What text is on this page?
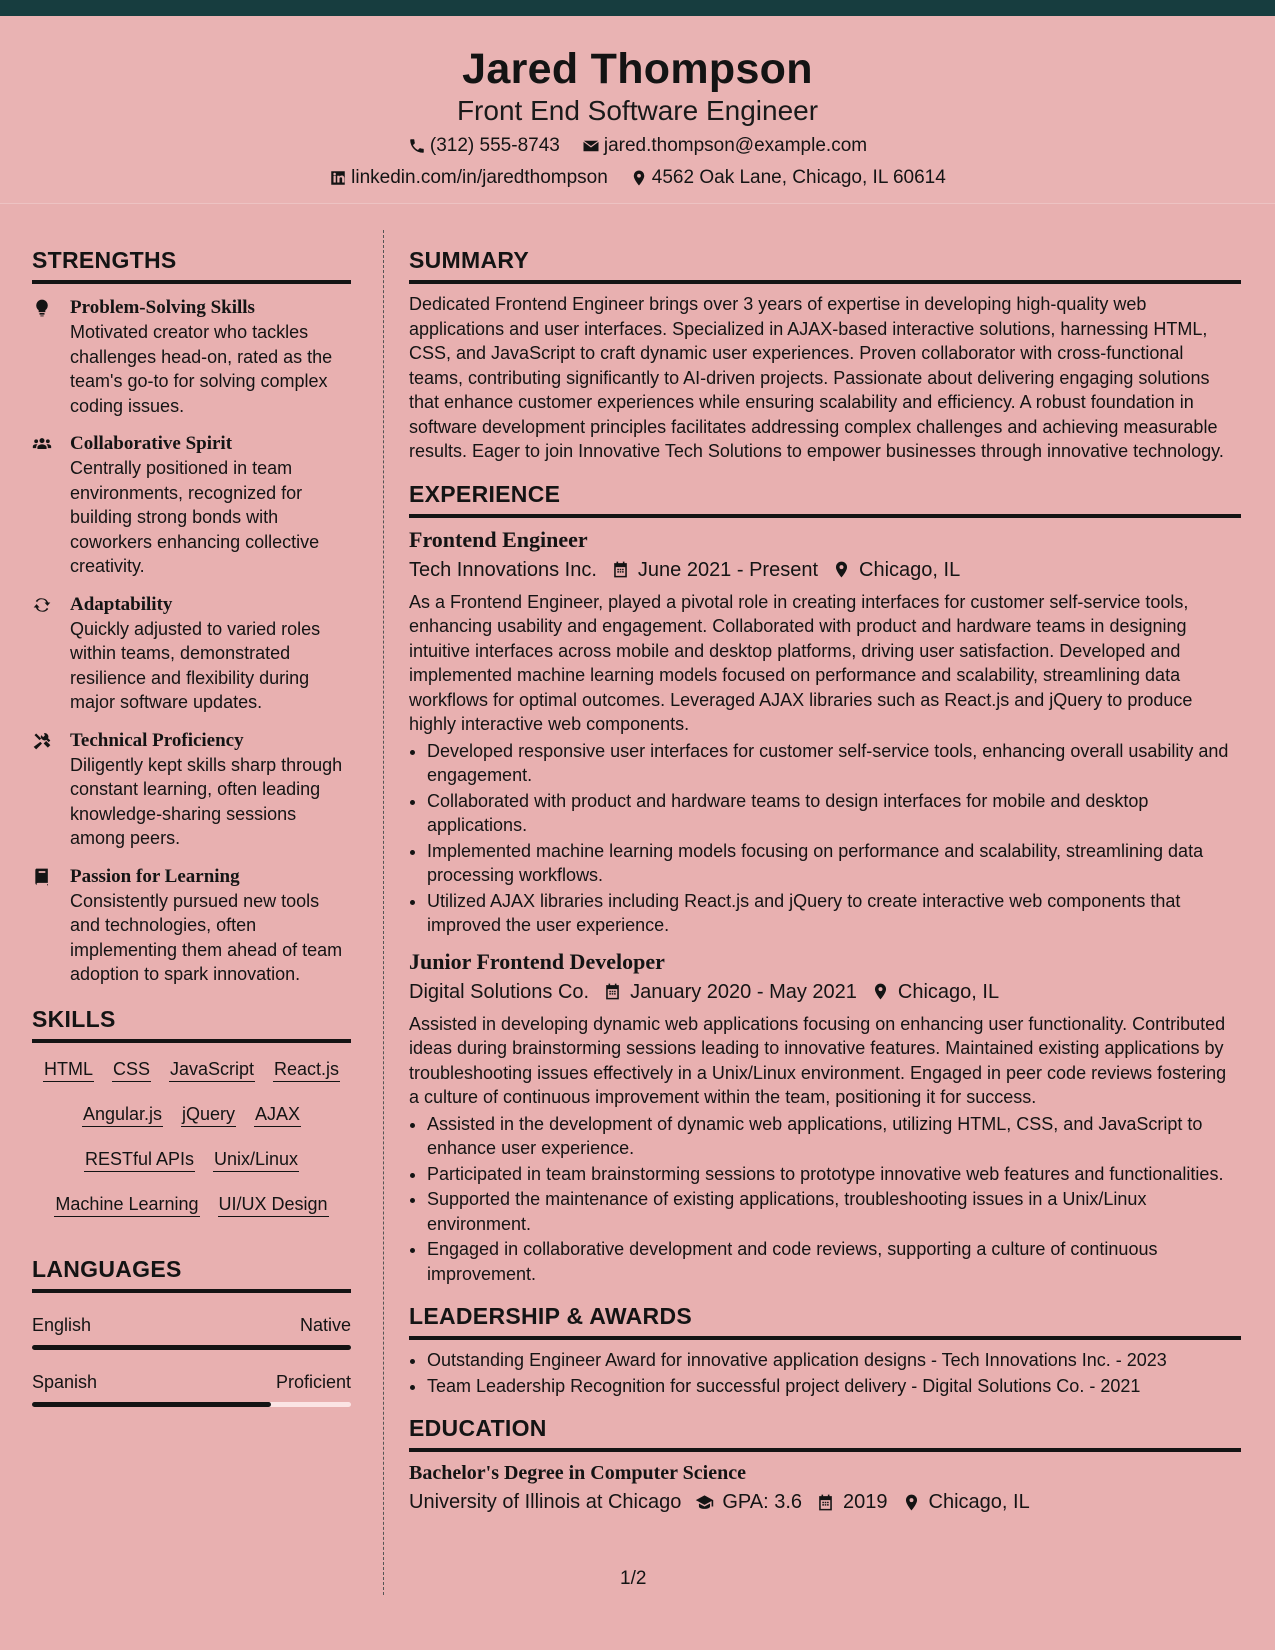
Jared Thompson
Front End Software Engineer
(312) 555-8743 jared.thompson@example.com
linkedin.com/in/jaredthompson 4562 Oak Lane, Chicago, IL 60614
STRENGTHS
Problem-Solving Skills
Motivated creator who tackles challenges head-on, rated as the team's go-to for solving complex coding issues.
Collaborative Spirit
Centrally positioned in team environments, recognized for building strong bonds with coworkers enhancing collective creativity.
Adaptability
Quickly adjusted to varied roles within teams, demonstrated resilience and flexibility during major software updates.
Technical Proficiency
Diligently kept skills sharp through constant learning, often leading knowledge-sharing sessions among peers.
Passion for Learning
Consistently pursued new tools and technologies, often implementing them ahead of team adoption to spark innovation.
SKILLS
HTML CSS JavaScript React.js
Angular.js jQuery AJAX
RESTful APIs Unix/Linux
Machine Learning UI/UX Design
LANGUAGES
English	Native
Spanish	Proficient
SUMMARY
Dedicated Frontend Engineer brings over 3 years of expertise in developing high-quality web applications and user interfaces. Specialized in AJAX-based interactive solutions, harnessing HTML, CSS, and JavaScript to craft dynamic user experiences. Proven collaborator with cross-functional teams, contributing significantly to AI-driven projects. Passionate about delivering engaging solutions that enhance customer experiences while ensuring scalability and efficiency. A robust foundation in software development principles facilitates addressing complex challenges and achieving measurable results. Eager to join Innovative Tech Solutions to empower businesses through innovative technology.
EXPERIENCE
Frontend Engineer
Tech Innovations Inc. June 2021 - Present Chicago, IL
As a Frontend Engineer, played a pivotal role in creating interfaces for customer self-service tools, enhancing usability and engagement. Collaborated with product and hardware teams in designing intuitive interfaces across mobile and desktop platforms, driving user satisfaction. Developed and implemented machine learning models focused on performance and scalability, streamlining data workflows for optimal outcomes. Leveraged AJAX libraries such as React.js and jQuery to produce highly interactive web components.
• Developed responsive user interfaces for customer self-service tools, enhancing overall usability and engagement.
• Collaborated with product and hardware teams to design interfaces for mobile and desktop applications.
• Implemented machine learning models focusing on performance and scalability, streamlining data processing workflows.
• Utilized AJAX libraries including React.js and jQuery to create interactive web components that improved the user experience.
Junior Frontend Developer
Digital Solutions Co. January 2020 - May 2021 Chicago, IL
Assisted in developing dynamic web applications focusing on enhancing user functionality. Contributed ideas during brainstorming sessions leading to innovative features. Maintained existing applications by troubleshooting issues effectively in a Unix/Linux environment. Engaged in peer code reviews fostering a culture of continuous improvement within the team, positioning it for success.
• Assisted in the development of dynamic web applications, utilizing HTML, CSS, and JavaScript to enhance user experience.
• Participated in team brainstorming sessions to prototype innovative web features and functionalities.
• Supported the maintenance of existing applications, troubleshooting issues in a Unix/Linux environment.
• Engaged in collaborative development and code reviews, supporting a culture of continuous improvement.
LEADERSHIP & AWARDS
• Outstanding Engineer Award for innovative application designs - Tech Innovations Inc. - 2023
• Team Leadership Recognition for successful project delivery - Digital Solutions Co. - 2021
EDUCATION
Bachelor's Degree in Computer Science
University of Illinois at Chicago GPA: 3.6 2019 Chicago, IL
1/2
